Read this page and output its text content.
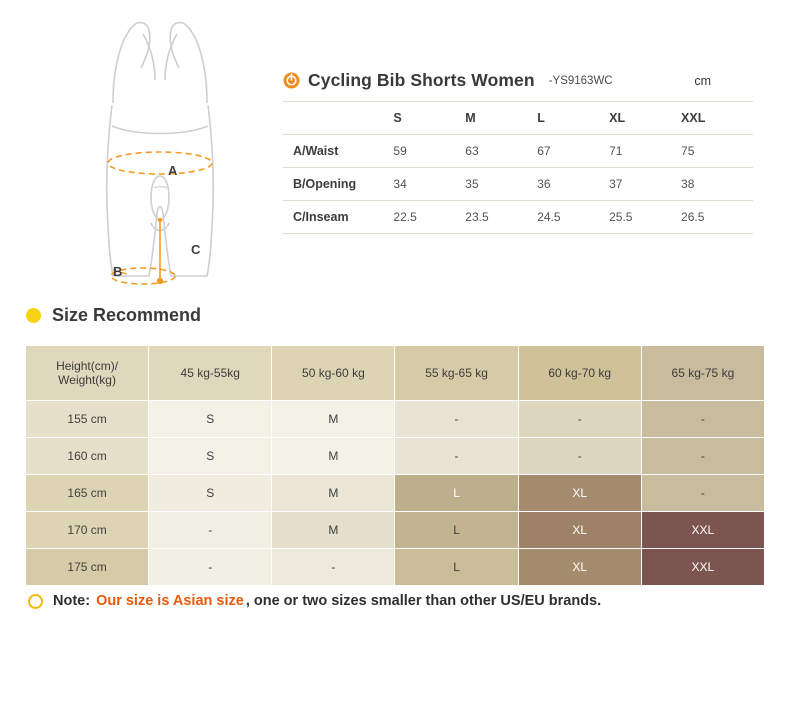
A
B
C
Cycling Bib Shorts Women -YS9163WC	cm
	S	M	L	XL	XXL
A/Waist	59	63	67	71	75
B/Opening	34	35	36	37	38
C/Inseam	22.5	23.5	24.5	25.5	26.5
Size Recommend
Height(cm)/ Weight(kg)	45 kg-55kg	50 kg-60 kg	55 kg-65 kg	60 kg-70 kg	65 kg-75 kg
155 cm	S	M	-	-	-
160 cm	S	M	-	-	-
165 cm	S	M	L	XL	-
170 cm	-	M	L	XL	XXL
175 cm	-	-	L	XL	XXL
Note: Our size is Asian size , one or two sizes smaller than other US/EU brands.
